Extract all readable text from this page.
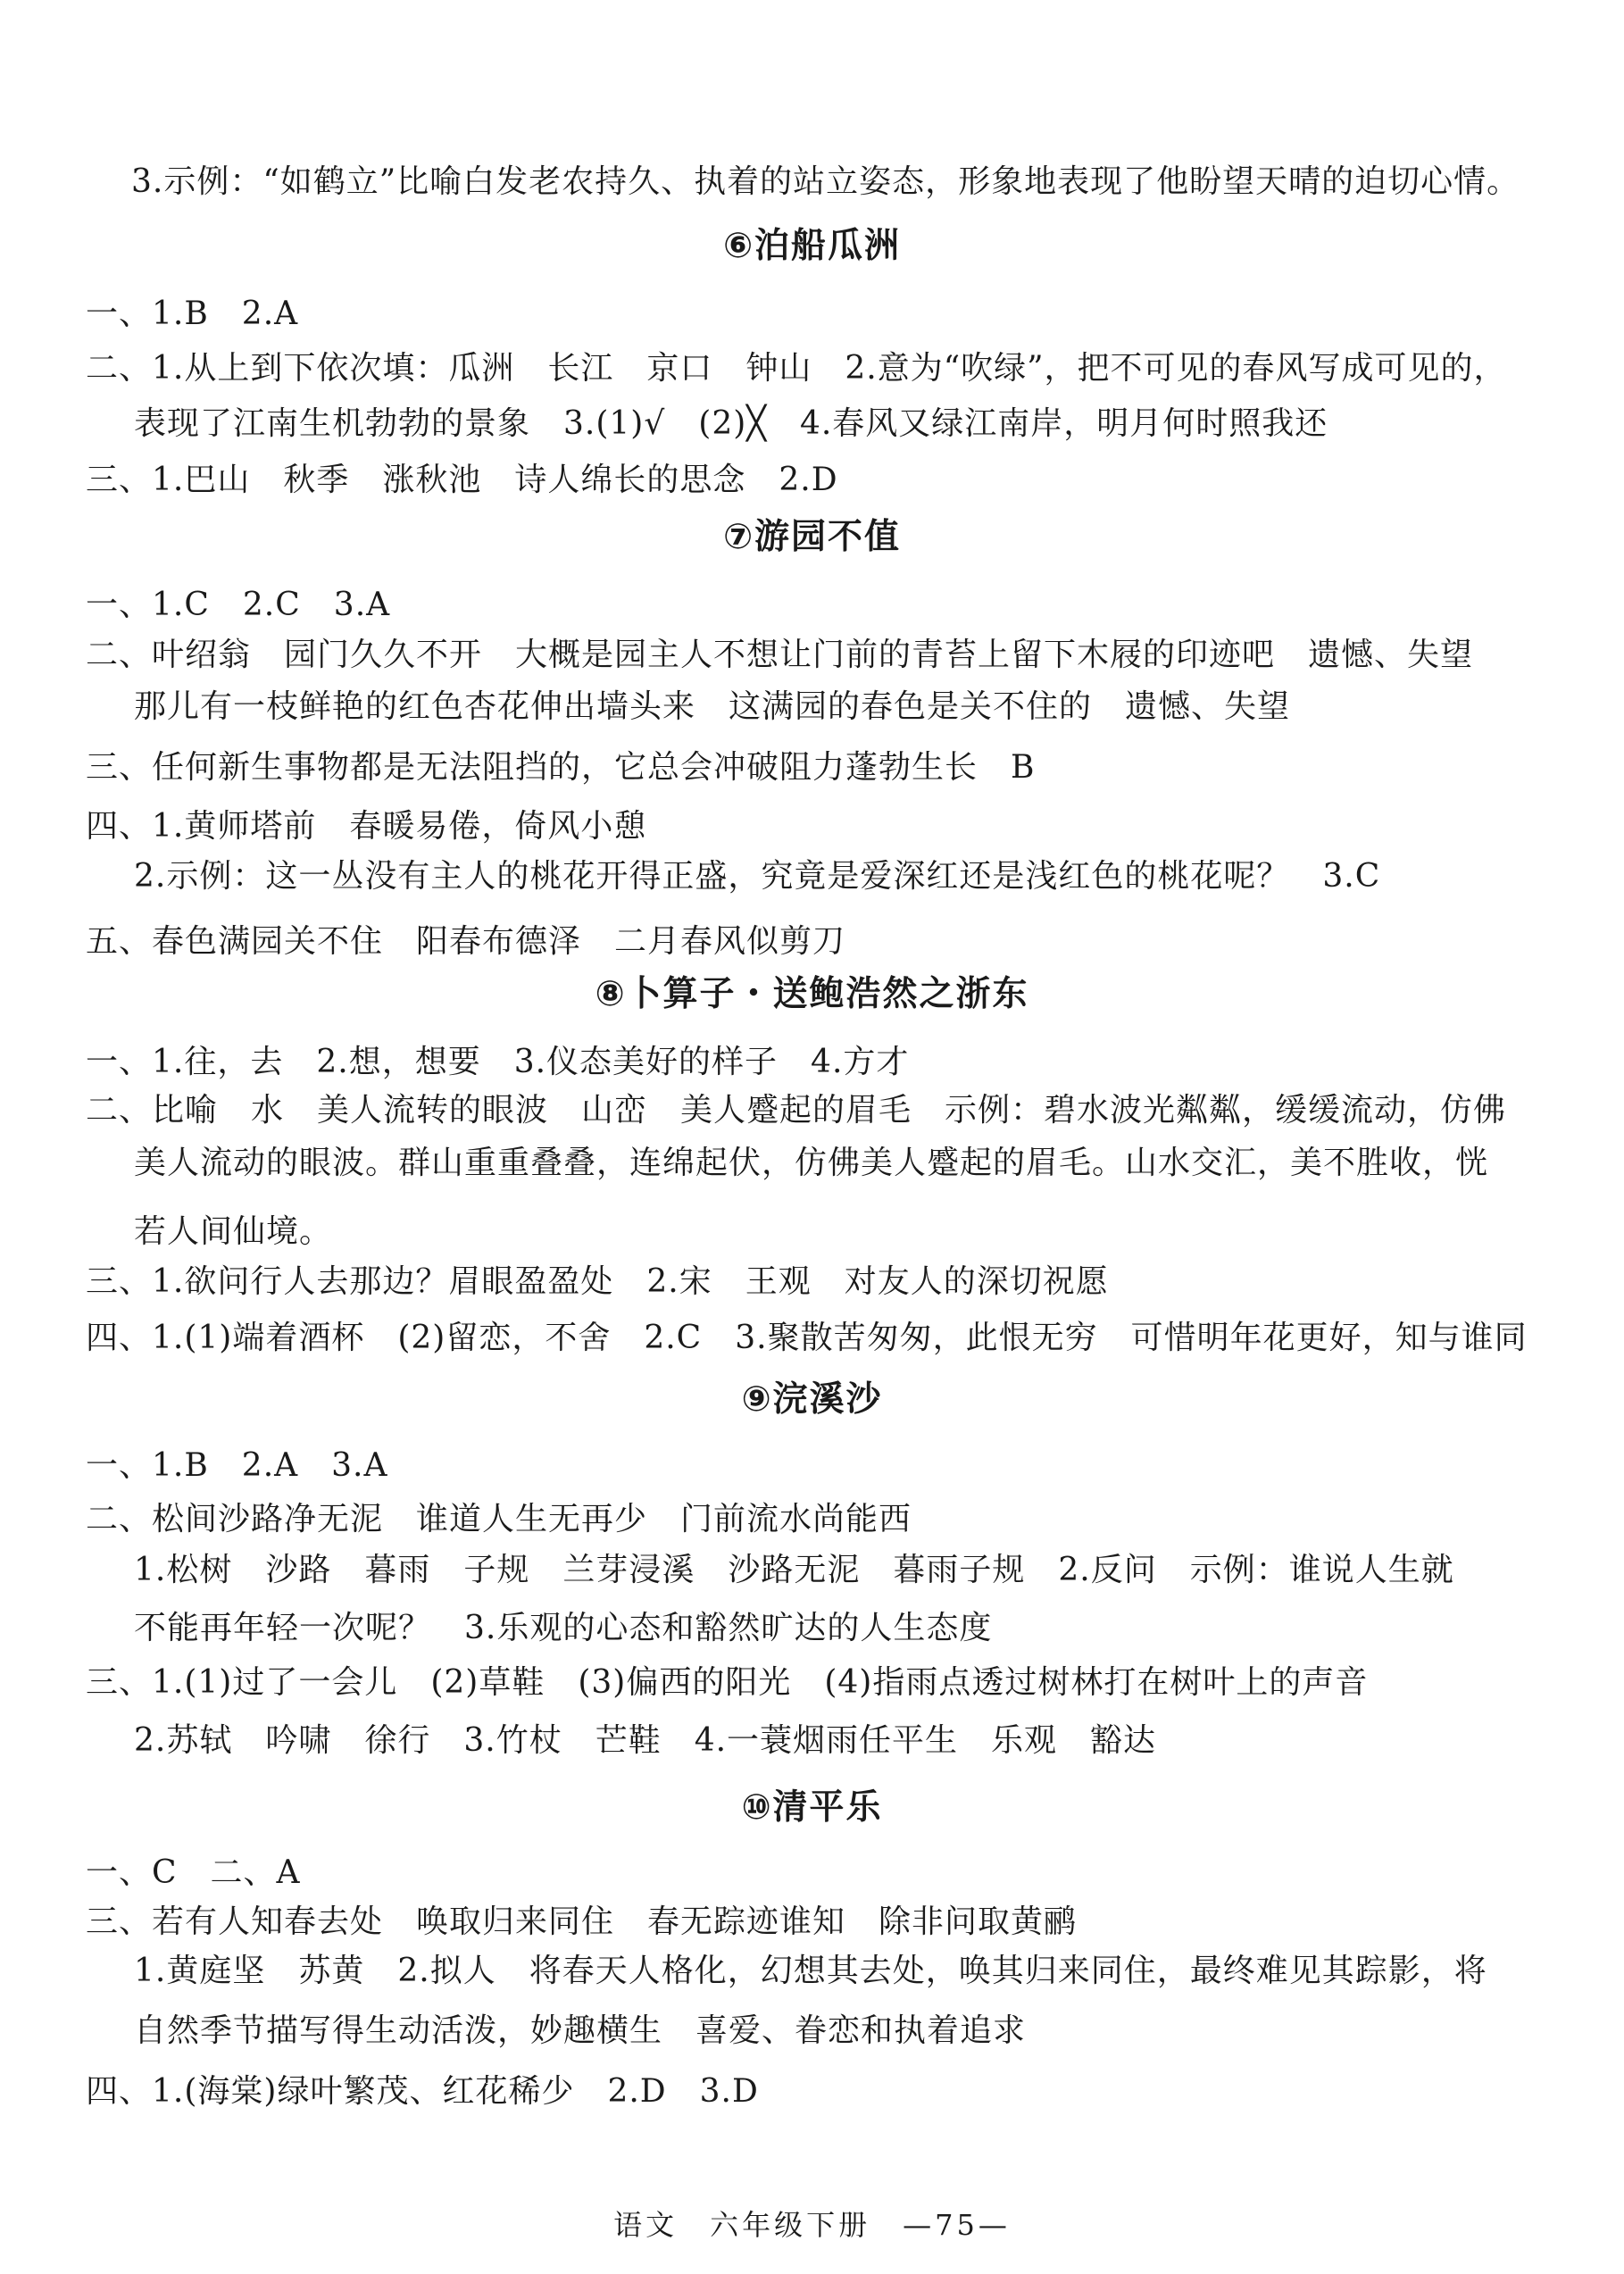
3.示例：“如鹤立”比喻白发老农持久、执着的站立姿态，形象地表现了他盼望天晴的迫切心情。
⑥泊船瓜洲
一、1.B　2.A
二、1.从上到下依次填：瓜洲　长江　京口　钟山　2.意为“吹绿”，把不可见的春风写成可见的，
表现了江南生机勃勃的景象　3.(1)√　(2)╳　4.春风又绿江南岸，明月何时照我还
三、1.巴山　秋季　涨秋池　诗人绵长的思念　2.D
⑦游园不值
一、1.C　2.C　3.A
二、叶绍翁　园门久久不开　大概是园主人不想让门前的青苔上留下木屐的印迹吧　遗憾、失望
那儿有一枝鲜艳的红色杏花伸出墙头来　这满园的春色是关不住的　遗憾、失望
三、任何新生事物都是无法阻挡的，它总会冲破阻力蓬勃生长　B
四、1.黄师塔前　春暖易倦，倚风小憩
2.示例：这一丛没有主人的桃花开得正盛，究竟是爱深红还是浅红色的桃花呢？　3.C
五、春色满园关不住　阳春布德泽　二月春风似剪刀
⑧卜算子・送鲍浩然之浙东
一、1.往，去　2.想，想要　3.仪态美好的样子　4.方才
二、比喻　水　美人流转的眼波　山峦　美人蹙起的眉毛　示例：碧水波光粼粼，缓缓流动，仿佛
美人流动的眼波。群山重重叠叠，连绵起伏，仿佛美人蹙起的眉毛。山水交汇，美不胜收，恍
若人间仙境。
三、1.欲问行人去那边？眉眼盈盈处　2.宋　王观　对友人的深切祝愿
四、1.(1)端着酒杯　(2)留恋，不舍　2.C　3.聚散苦匆匆，此恨无穷　可惜明年花更好，知与谁同
⑨浣溪沙
一、1.B　2.A　3.A
二、松间沙路净无泥　谁道人生无再少　门前流水尚能西
1.松树　沙路　暮雨　子规　兰芽浸溪　沙路无泥　暮雨子规　2.反问　示例：谁说人生就
不能再年轻一次呢？　3.乐观的心态和豁然旷达的人生态度
三、1.(1)过了一会儿　(2)草鞋　(3)偏西的阳光　(4)指雨点透过树林打在树叶上的声音
2.苏轼　吟啸　徐行　3.竹杖　芒鞋　4.一蓑烟雨任平生　乐观　豁达
⑩清平乐
一、C　二、A
三、若有人知春去处　唤取归来同住　春无踪迹谁知　除非问取黄鹂
1.黄庭坚　苏黄　2.拟人　将春天人格化，幻想其去处，唤其归来同住，最终难见其踪影，将
自然季节描写得生动活泼，妙趣横生　喜爱、眷恋和执着追求
四、1.(海棠)绿叶繁茂、红花稀少　2.D　3.D
语文　六年级下册　—75—
